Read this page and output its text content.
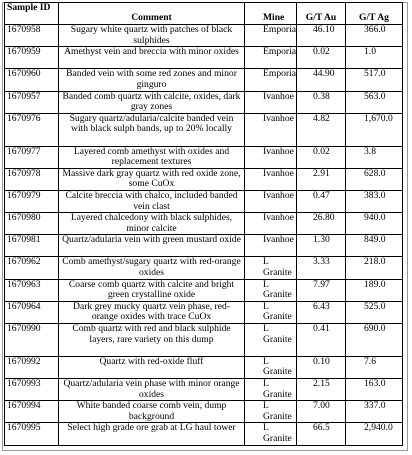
Sample ID	Comment	Mine	G/T Au	G/T Ag
1670958	Sugary white quartz with patches of black sulphides	Emporia	46.10	366.0
1670959	Amethyst vein and breccia with minor oxides	Emporia	0.02	1.0
1670960	Banded vein with some red zones and minor ginguro	Emporia	44.90	517.0
1670957	Banded comb quartz with calcite, oxides, dark gray zones	Ivanhoe	0.38	563.0
1670976	Sugary quartz/adularia/calcite banded vein with black sulph bands, up to 20% locally	Ivanhoe	4.82	1,670.0
1670977	Layered comb amethyst with oxides and replacement textures	Ivanhoe	0.02	3.8
1670978	Massive dark gray quartz with red oxide zone, some CuOx	Ivanhoe	2.91	628.0
1670979	Calcite breccia with chalco, included banded vein clast	Ivanhoe	0.47	383.0
1670980	Layered chalcedony with black sulphides, minor calcite	Ivanhoe	26.80	940.0
1670981	Quartz/adularia vein with green mustard oxide	Ivanhoe	1.30	849.0
1670962	Comb amethyst/sugary quartz with red-orange oxides	L Granite	3.33	218.0
1670963	Coarse comb quartz with calcite and bright green crystalline oxide	L Granite	7.97	189.0
1670964	Dark grey mucky quartz vein phase, red-orange oxides with trace CuOx	L Granite	6.43	525.0
1670990	Comb quartz with red and black sulphide layers, rare variety on this dump	L Granite	0.41	690.0
1670992	Quartz with red-oxide fluff	L Granite	0.10	7.6
1670993	Quartz/adularia vein phase with minor orange oxides	L Granite	2.15	163.0
1670994	White banded coarse comb vein, dump background	L Granite	7.00	337.0
1670995	Select high grade ore grab at LG haul tower	L Granite	66.5	2,940.0
